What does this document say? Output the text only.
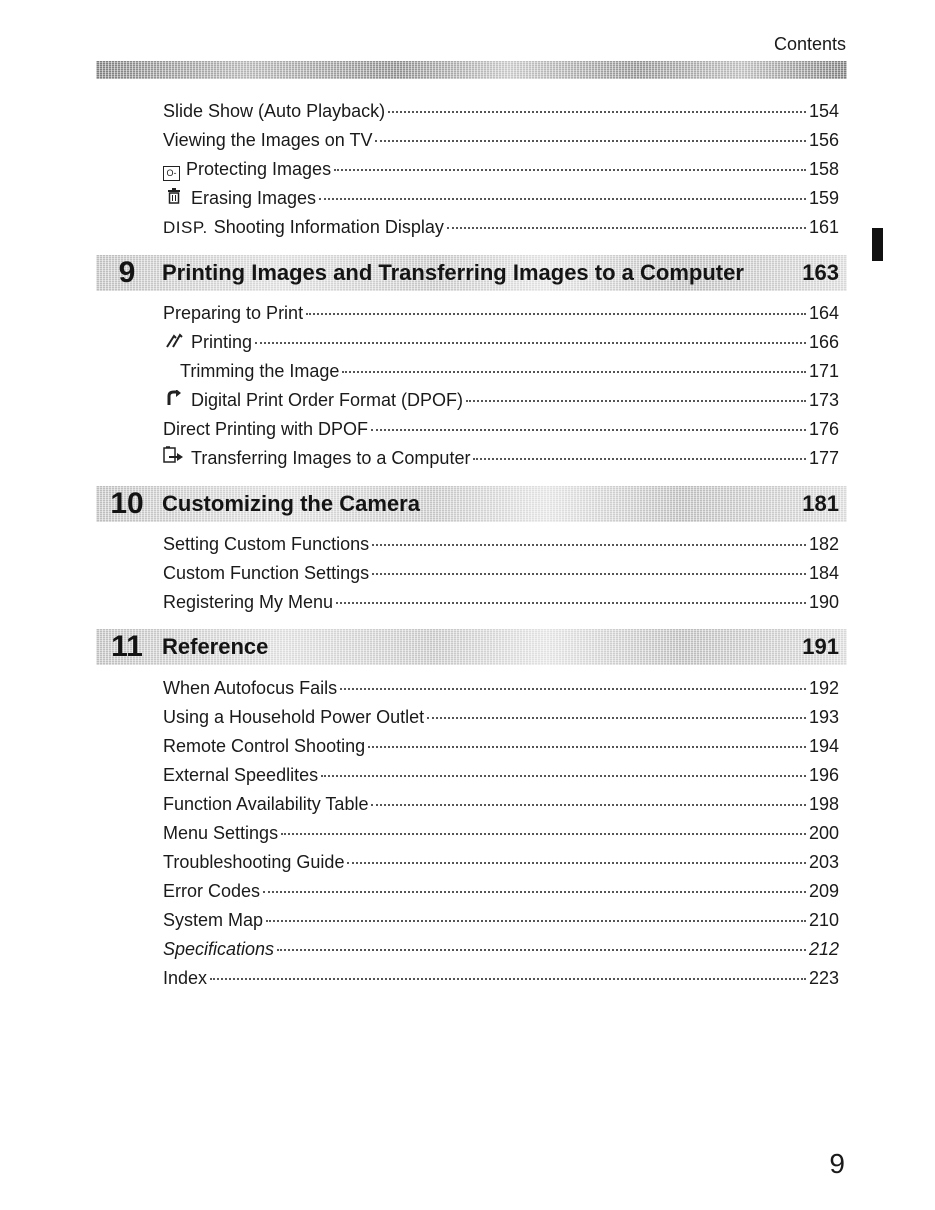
Contents
Slide Show (Auto Playback)	154
Viewing the Images on TV	156
O- Protecting Images	158
Erasing Images	159
DISP. Shooting Information Display	161
9	Printing Images and Transferring Images to a Computer	163
Preparing to Print	164
Printing	166
Trimming the Image	171
Digital Print Order Format (DPOF)	173
Direct Printing with DPOF	176
Transferring Images to a Computer	177
10 Customizing the Camera	181
Setting Custom Functions	182
Custom Function Settings	184
Registering My Menu	190
11 Reference	191
When Autofocus Fails	192
Using a Household Power Outlet	193
Remote Control Shooting	194
External Speedlites	196
Function Availability Table	198
Menu Settings	200
Troubleshooting Guide	203
Error Codes	209
System Map	210
Specifications	212
Index	223
9
